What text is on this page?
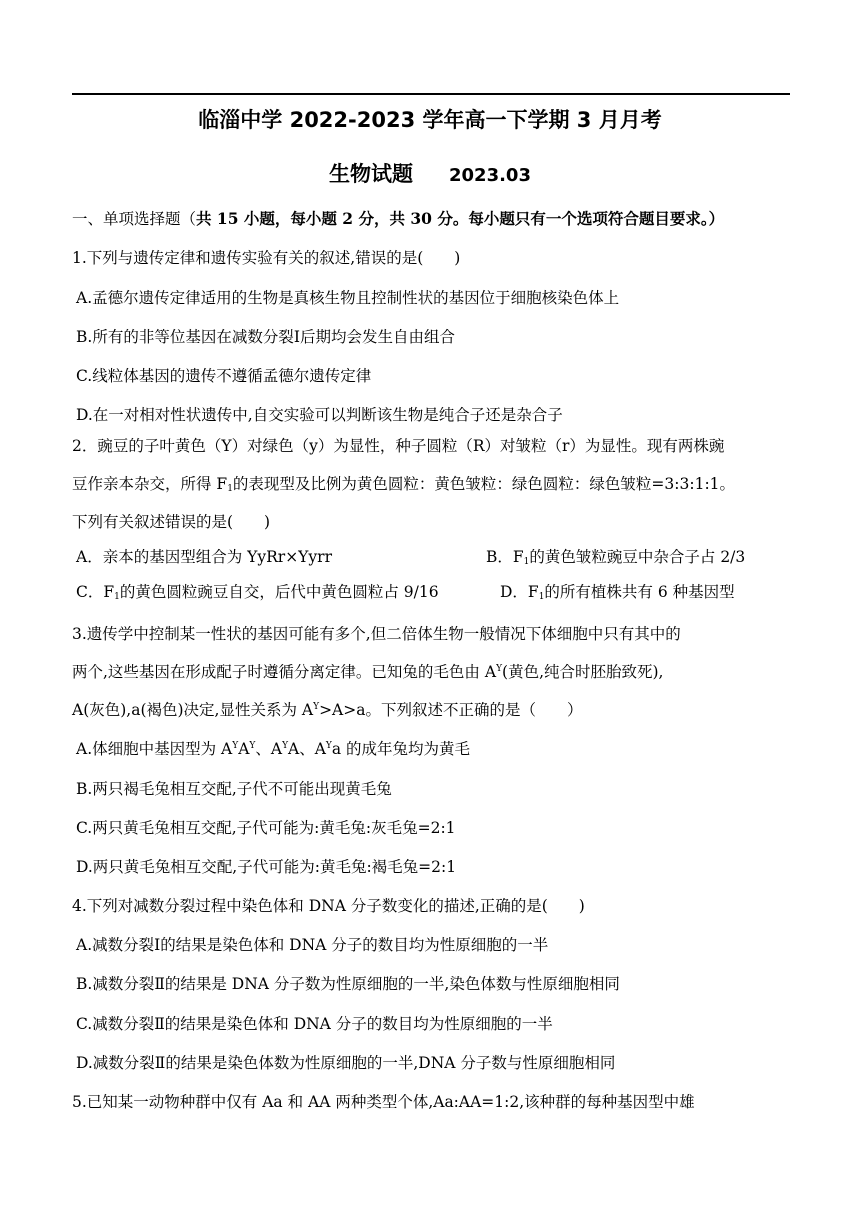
临淄中学 2022-2023 学年高一下学期 3 月月考
生物试题 2023.03
一、单项选择题（共 15 小题，每小题 2 分，共 30 分。每小题只有一个选项符合题目要求。）
1.下列与遗传定律和遗传实验有关的叙述,错误的是(　　)
A.孟德尔遗传定律适用的生物是真核生物且控制性状的基因位于细胞核染色体上
B.所有的非等位基因在减数分裂Ⅰ后期均会发生自由组合
C.线粒体基因的遗传不遵循孟德尔遗传定律
D.在一对相对性状遗传中,自交实验可以判断该生物是纯合子还是杂合子
2．豌豆的子叶黄色（Y）对绿色（y）为显性，种子圆粒（R）对皱粒（r）为显性。现有两株豌
豆作亲本杂交，所得 $F_1$的表现型及比例为黄色圆粒：黄色皱粒：绿色圆粒：绿色皱粒=3:3:1:1。
下列有关叙述错误的是(　　)
A．亲本的基因型组合为 YyRr×Yyrr	B．$F_1$的黄色皱粒豌豆中杂合子占 2/3
C．$F_1$的黄色圆粒豌豆自交，后代中黄色圆粒占 9/16	D．$F_1$的所有植株共有 6 种基因型
3.遗传学中控制某一性状的基因可能有多个,但二倍体生物一般情况下体细胞中只有其中的
两个,这些基因在形成配子时遵循分离定律。已知兔的毛色由 $A^Y$(黄色,纯合时胚胎致死),
A(灰色),a(褐色)决定,显性关系为 $A^Y>A>a$。下列叙述不正确的是（　　）
A.体细胞中基因型为 $A^YA^Y$、$A^YA$、$A^Ya$ 的成年兔均为黄毛
B.两只褐毛兔相互交配,子代不可能出现黄毛兔
C.两只黄毛兔相互交配,子代可能为:黄毛兔:灰毛兔=2:1
D.两只黄毛兔相互交配,子代可能为:黄毛兔:褐毛兔=2:1
4.下列对减数分裂过程中染色体和 DNA 分子数变化的描述,正确的是(　　)
A.减数分裂Ⅰ的结果是染色体和 DNA 分子的数目均为性原细胞的一半
B.减数分裂Ⅱ的结果是 DNA 分子数为性原细胞的一半,染色体数与性原细胞相同
C.减数分裂Ⅱ的结果是染色体和 DNA 分子的数目均为性原细胞的一半
D.减数分裂Ⅱ的结果是染色体数为性原细胞的一半,DNA 分子数与性原细胞相同
5.已知某一动物种群中仅有 Aa 和 AA 两种类型个体,Aa:AA=1:2,该种群的每种基因型中雄
